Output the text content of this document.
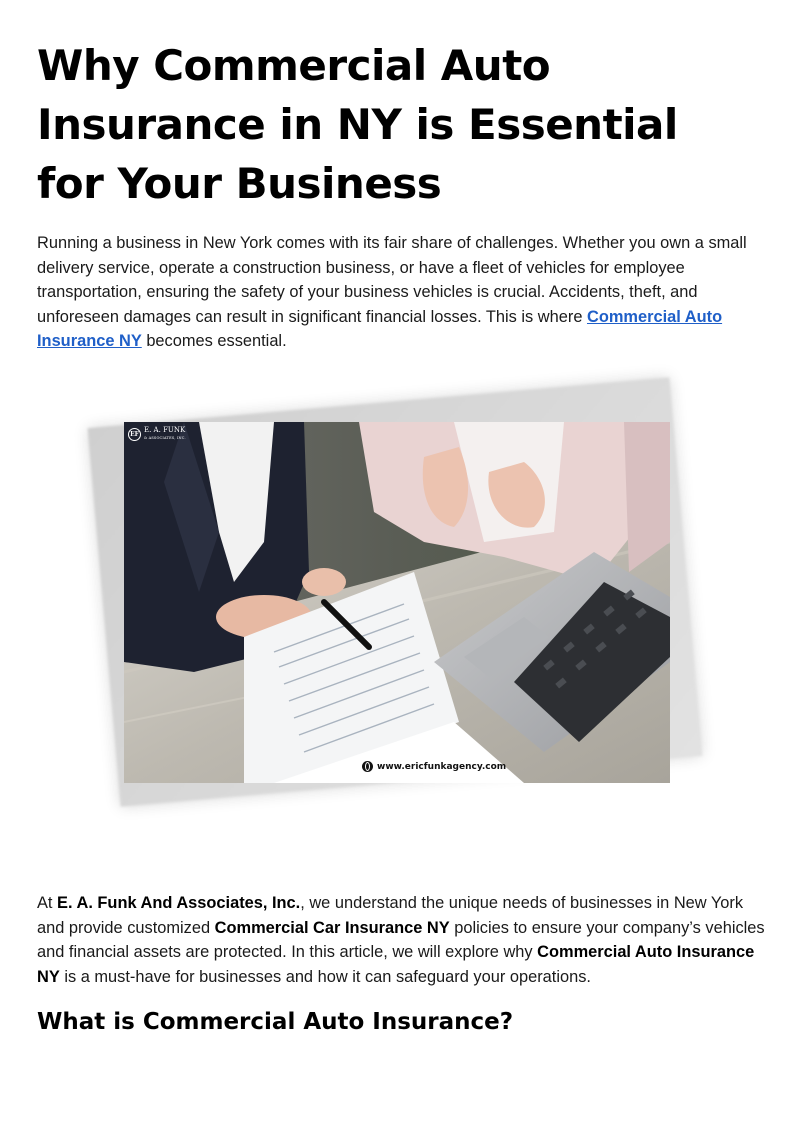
Why Commercial Auto Insurance in NY is Essential for Your Business

Running a business in New York comes with its fair share of challenges. Whether you own a small delivery service, operate a construction business, or have a fleet of vehicles for employee transportation, ensuring the safety of your business vehicles is crucial. Accidents, theft, and unforeseen damages can result in significant financial losses. This is where Commercial Auto Insurance NY becomes essential.

EF
E. A. FUNK
& ASSOCIATES, INC.
www.ericfunkagency.com

At E. A. Funk And Associates, Inc., we understand the unique needs of businesses in New York and provide customized Commercial Car Insurance NY policies to ensure your company’s vehicles and financial assets are protected. In this article, we will explore why Commercial Auto Insurance NY is a must-have for businesses and how it can safeguard your operations.

What is Commercial Auto Insurance?
